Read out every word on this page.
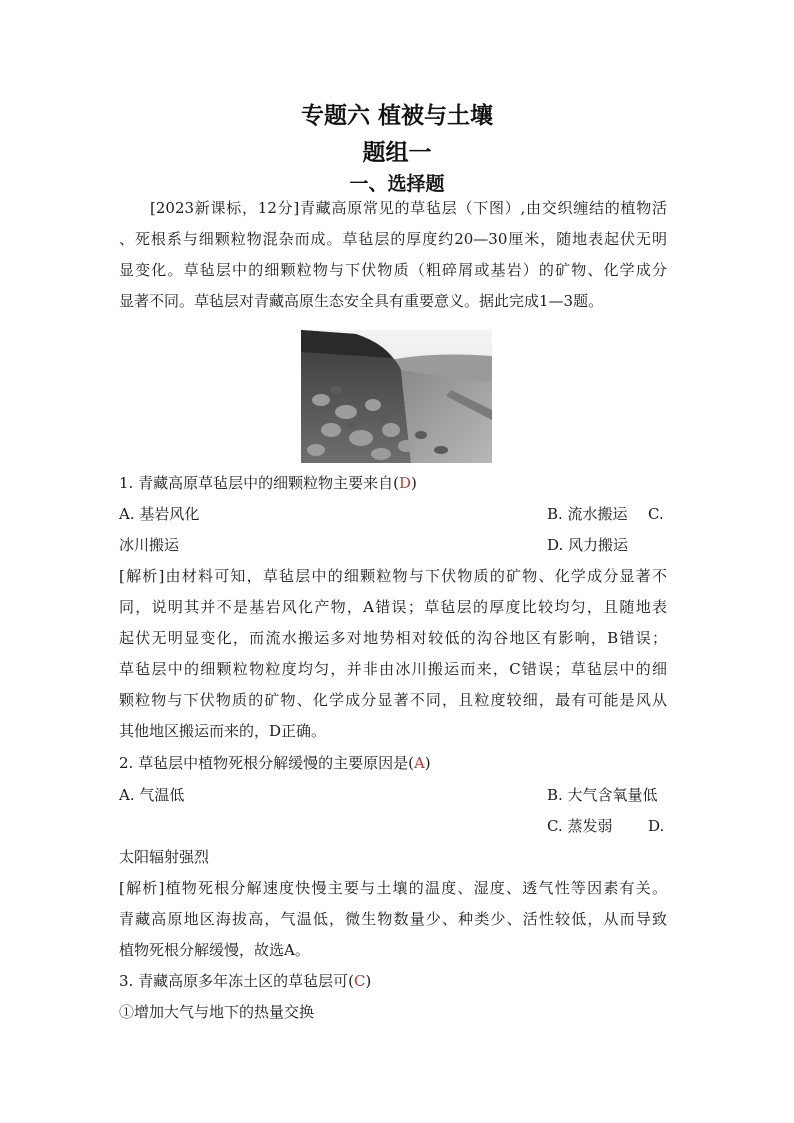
专题六 植被与土壤
题组一
一、选择题
[2023新课标，12分]青藏高原常见的草毡层（下图）,由交织缠结的植物活
、死根系与细颗粒物混杂而成。草毡层的厚度约20—30厘米，随地表起伏无明
显变化。草毡层中的细颗粒物与下伏物质（粗碎屑或基岩）的矿物、化学成分
显著不同。草毡层对青藏高原生态安全具有重要意义。据此完成1—3题。
1. 青藏高原草毡层中的细颗粒物主要来自(D)
A. 基岩风化	B. 流水搬运 C.
冰川搬运	D. 风力搬运
[解析]由材料可知，草毡层中的细颗粒物与下伏物质的矿物、化学成分显著不
同，说明其并不是基岩风化产物，A错误；草毡层的厚度比较均匀，且随地表
起伏无明显变化，而流水搬运多对地势相对较低的沟谷地区有影响，B错误；
草毡层中的细颗粒物粒度均匀，并非由冰川搬运而来，C错误；草毡层中的细
颗粒物与下伏物质的矿物、化学成分显著不同，且粒度较细，最有可能是风从
其他地区搬运而来的，D正确。
2. 草毡层中植物死根分解缓慢的主要原因是(A)
A. 气温低	B. 大气含氧量低
C. 蒸发弱 D.
太阳辐射强烈
[解析]植物死根分解速度快慢主要与土壤的温度、湿度、透气性等因素有关。
青藏高原地区海拔高，气温低，微生物数量少、种类少、活性较低，从而导致
植物死根分解缓慢，故选A。
3. 青藏高原多年冻土区的草毡层可(C)
①增加大气与地下的热量交换
